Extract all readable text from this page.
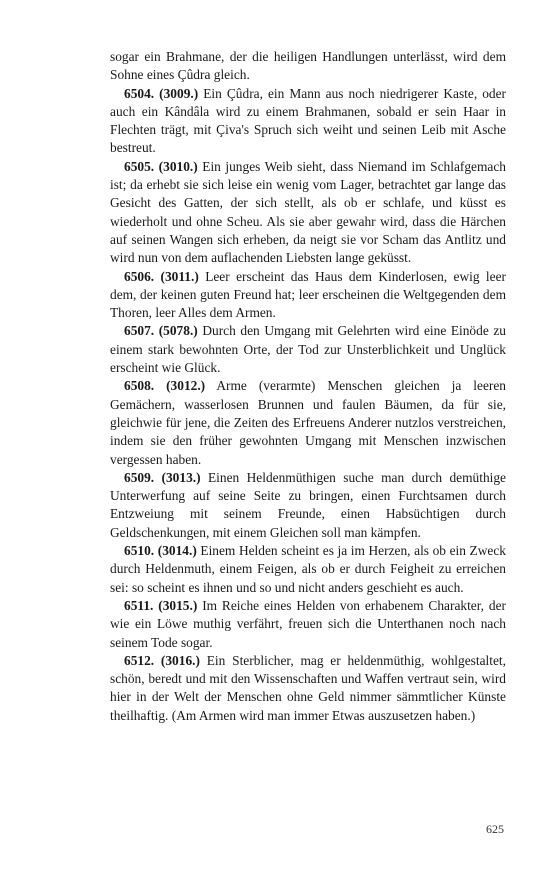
sogar ein Brahmane, der die heiligen Handlungen unterlässt, wird dem Sohne eines Çûdra gleich.

6504. (3009.) Ein Çûdra, ein Mann aus noch niedrigerer Kaste, oder auch ein Kândâla wird zu einem Brahmanen, sobald er sein Haar in Flechten trägt, mit Çiva's Spruch sich weiht und seinen Leib mit Asche bestreut.

6505. (3010.) Ein junges Weib sieht, dass Niemand im Schlafgemach ist; da erhebt sie sich leise ein wenig vom Lager, betrachtet gar lange das Gesicht des Gatten, der sich stellt, als ob er schlafe, und küsst es wiederholt und ohne Scheu. Als sie aber gewahr wird, dass die Härchen auf seinen Wangen sich erheben, da neigt sie vor Scham das Antlitz und wird nun von dem auflachenden Liebsten lange geküsst.

6506. (3011.) Leer erscheint das Haus dem Kinderlosen, ewig leer dem, der keinen guten Freund hat; leer erscheinen die Weltgegenden dem Thoren, leer Alles dem Armen.

6507. (5078.) Durch den Umgang mit Gelehrten wird eine Einöde zu einem stark bewohnten Orte, der Tod zur Unsterblichkeit und Unglück erscheint wie Glück.

6508. (3012.) Arme (verarmte) Menschen gleichen ja leeren Gemächern, wasserlosen Brunnen und faulen Bäumen, da für sie, gleichwie für jene, die Zeiten des Erfreuens Anderer nutzlos verstreichen, indem sie den früher gewohnten Umgang mit Menschen inzwischen vergessen haben.

6509. (3013.) Einen Heldenmüthigen suche man durch demüthige Unterwerfung auf seine Seite zu bringen, einen Furchtsamen durch Entzweiung mit seinem Freunde, einen Habsüchtigen durch Geldschenkungen, mit einem Gleichen soll man kämpfen.

6510. (3014.) Einem Helden scheint es ja im Herzen, als ob ein Zweck durch Heldenmuth, einem Feigen, als ob er durch Feigheit zu erreichen sei: so scheint es ihnen und so und nicht anders geschieht es auch.

6511. (3015.) Im Reiche eines Helden von erhabenem Charakter, der wie ein Löwe muthig verfährt, freuen sich die Unterthanen noch nach seinem Tode sogar.

6512. (3016.) Ein Sterblicher, mag er heldenmüthig, wohlgestaltet, schön, beredt und mit den Wissenschaften und Waffen vertraut sein, wird hier in der Welt der Menschen ohne Geld nimmer sämmtlicher Künste theilhaftig. (Am Armen wird man immer Etwas auszusetzen haben.)

625
